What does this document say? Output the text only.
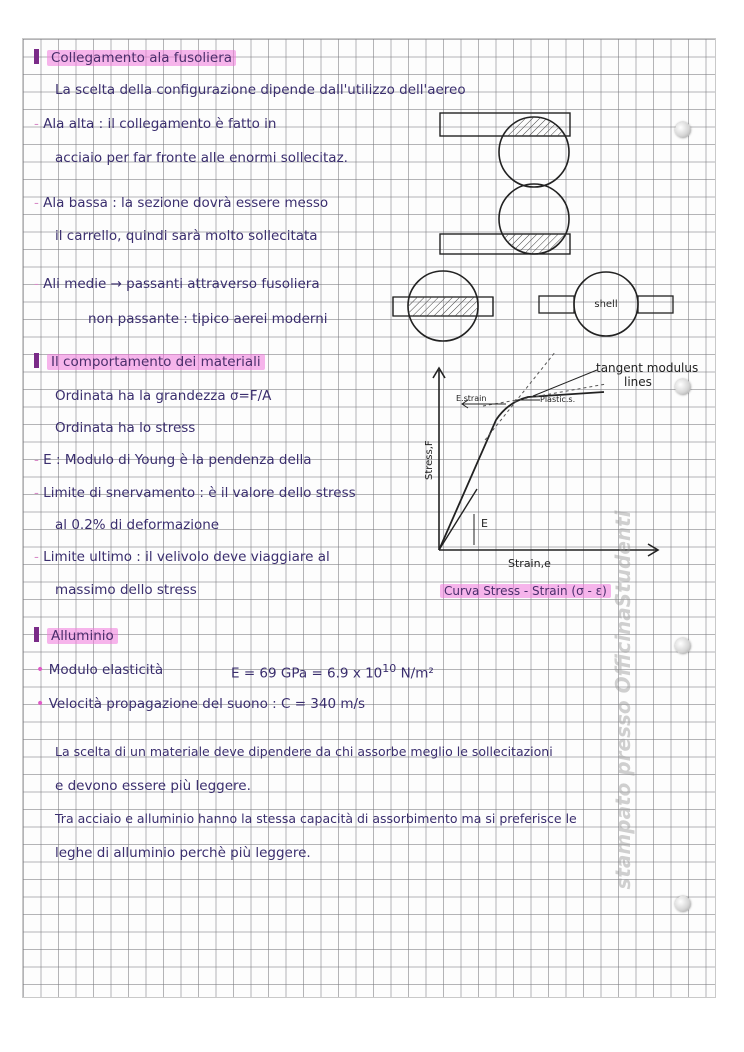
Collegamento ala fusoliera
La scelta della configurazione dipende dall'utilizzo dell'aereo
- Ala alta : il collegamento è fatto in
acciaio per far fronte alle enormi sollecitaz.
- Ala bassa : la sezione dovrà essere messo
il carrello, quindi sarà molto sollecitata
- Ali medie → passanti attraverso fusoliera
non passante : tipico aerei moderni
Il comportamento dei materiali
Ordinata ha la grandezza σ=F/A
Ordinata ha lo stress
- E : Modulo di Young è la pendenza della
- Limite di snervamento : è il valore dello stress
al 0.2% di deformazione
- Limite ultimo : il velivolo deve viaggiare al
massimo dello stress
Alluminio
• Modulo elasticità	E = 69 GPa = 6.9 x $10^{10}$ N/m²
• Velocità propagazione del suono : C = 340 m/s
La scelta di un materiale deve dipendere da chi assorbe meglio le sollecitazioni
e devono essere più leggere.
Tra acciaio e alluminio hanno la stessa capacità di assorbimento ma si preferisce le
leghe di alluminio perchè più leggere.
shell
tangent modulus
lines
E.strain	Plastic.s.
Stress,F
Strain,e
E
Curva Stress - Strain (σ - ε) stampato presso OfficinaStudenti
